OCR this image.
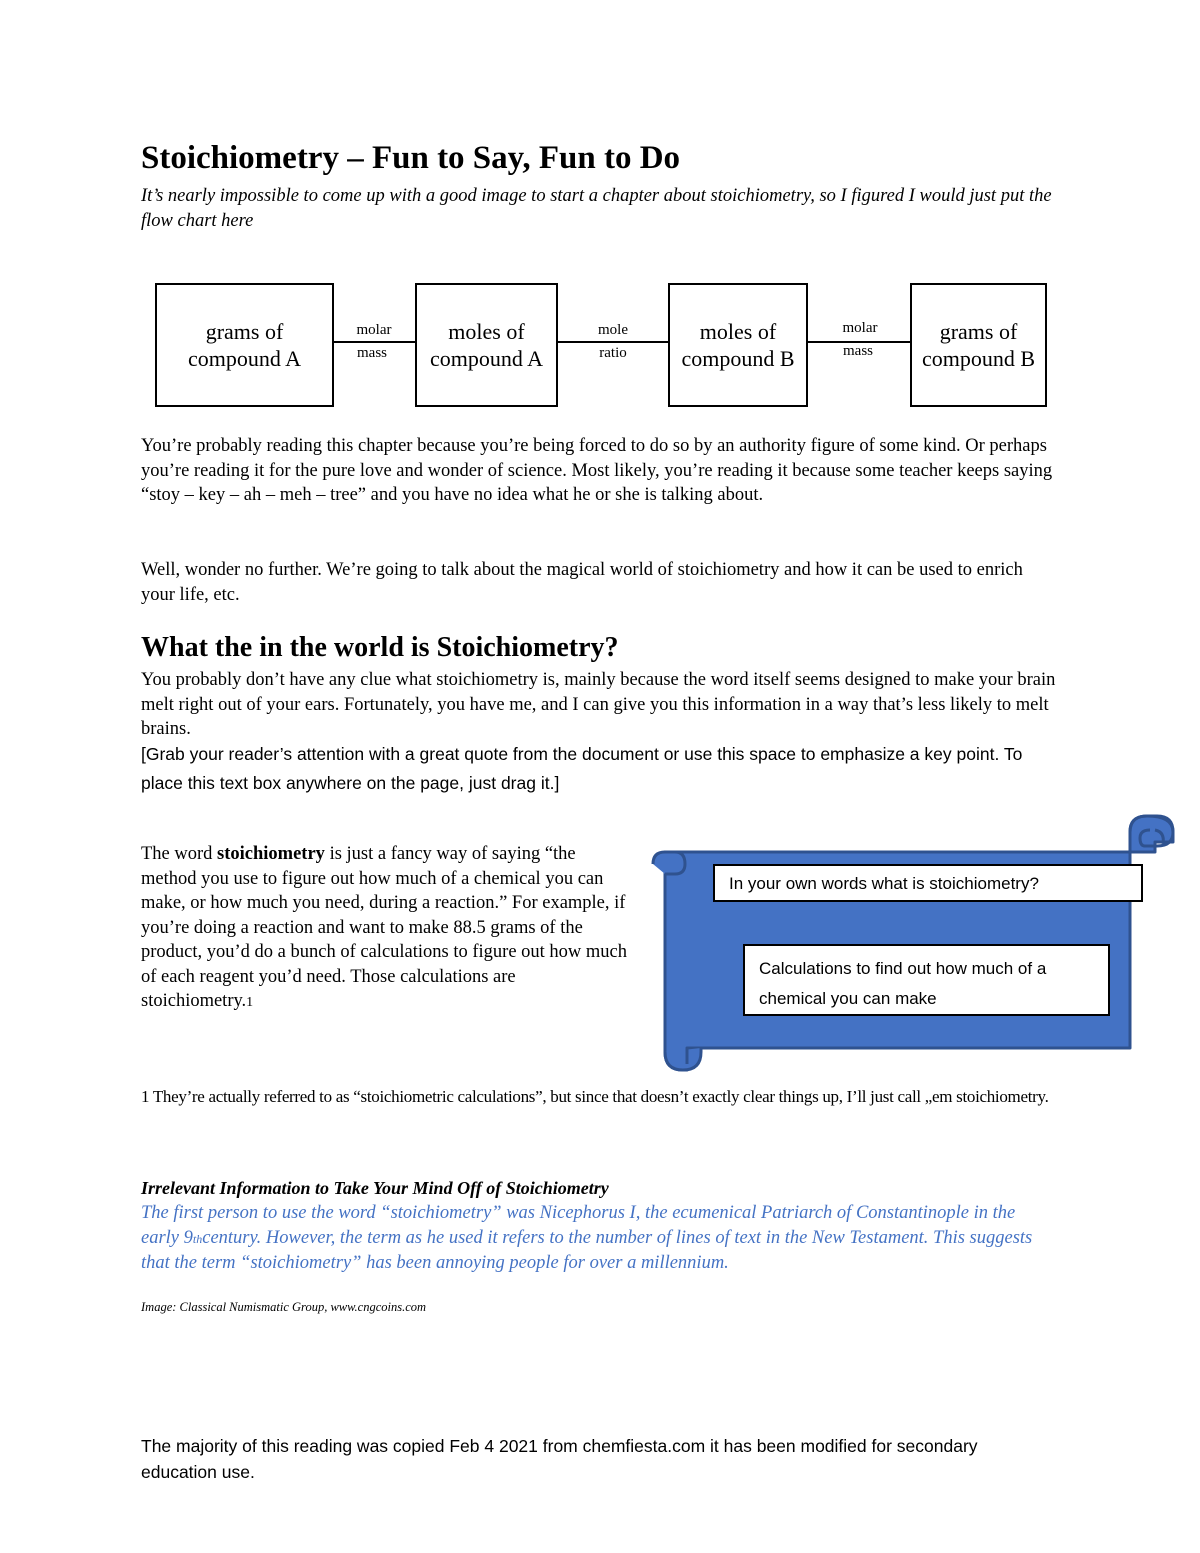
Stoichiometry – Fun to Say, Fun to Do
It’s nearly impossible to come up with a good image to start a chapter about stoichiometry, so I figured I would just put the flow chart here
grams of compound A
moles of compound A
moles of compound B
grams of compound B
molar
mass
mole
ratio
molar
mass
You’re probably reading this chapter because you’re being forced to do so by an authority figure of some kind. Or perhaps you’re reading it for the pure love and wonder of science. Most likely, you’re reading it because some teacher keeps saying “stoy – key – ah – meh – tree” and you have no idea what he or she is talking about.
Well, wonder no further. We’re going to talk about the magical world of stoichiometry and how it can be used to enrich your life, etc.
What the in the world is Stoichiometry?
You probably don’t have any clue what stoichiometry is, mainly because the word itself seems designed to make your brain melt right out of your ears. Fortunately, you have me, and I can give you this information in a way that’s less likely to melt brains.
[Grab your reader’s attention with a great quote from the document or use this space to emphasize a key point. To place this text box anywhere on the page, just drag it.]
The word stoichiometry is just a fancy way of saying “the method you use to figure out how much of a chemical you can make, or how much you need, during a reaction.” For example, if you’re doing a reaction and want to make 88.5 grams of the product, you’d do a bunch of calculations to figure out how much of each reagent you’d need. Those calculations are stoichiometry.1
In your own words what is stoichiometry?
Calculations to find out how much of a chemical you can make
1 They’re actually referred to as “stoichiometric calculations”, but since that doesn’t exactly clear things up, I’ll just call „em stoichiometry.
Irrelevant Information to Take Your Mind Off of Stoichiometry
The first person to use the word “stoichiometry” was Nicephorus I, the ecumenical Patriarch of Constantinople in the early 9thcentury. However, the term as he used it refers to the number of lines of text in the New Testament. This suggests that the term “stoichiometry” has been annoying people for over a millennium.
Image: Classical Numismatic Group, www.cngcoins.com
The majority of this reading was copied Feb 4 2021 from chemfiesta.com it has been modified for secondary education use.
